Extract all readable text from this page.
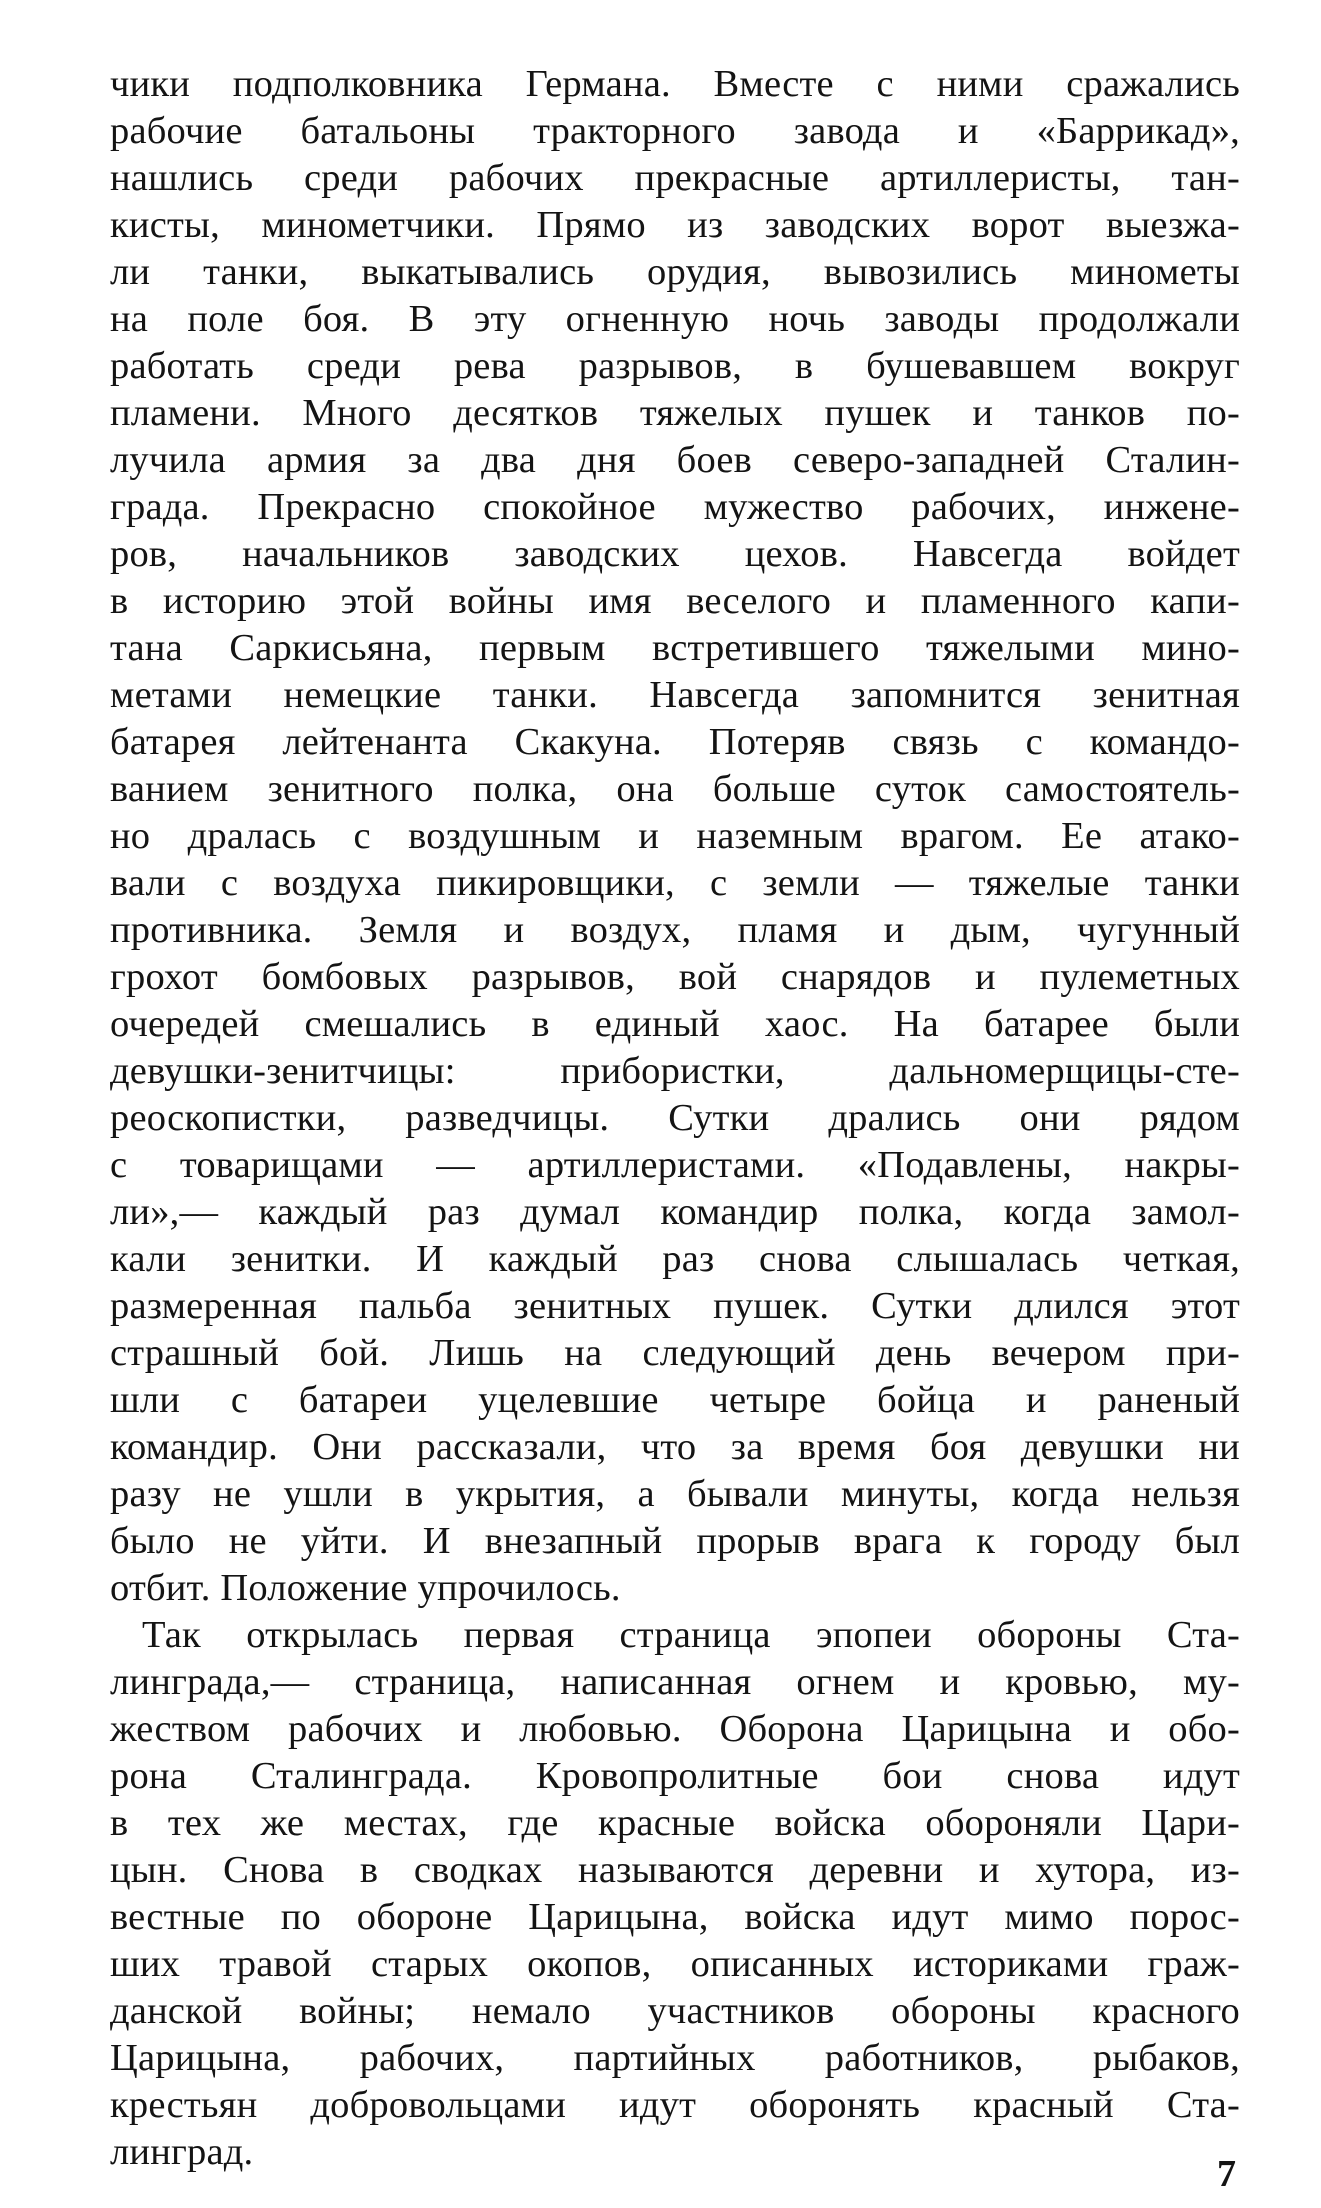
чики подполковника Германа. Вместе с ними сражались
рабочие батальоны тракторного завода и «Баррикад»,
нашлись среди рабочих прекрасные артиллеристы, тан-
кисты, минометчики. Прямо из заводских ворот выезжа-
ли танки, выкатывались орудия, вывозились минометы
на поле боя. В эту огненную ночь заводы продолжали
работать среди рева разрывов, в бушевавшем вокруг
пламени. Много десятков тяжелых пушек и танков по-
лучила армия за два дня боев северо-западней Сталин-
града. Прекрасно спокойное мужество рабочих, инжене-
ров, начальников заводских цехов. Навсегда войдет
в историю этой войны имя веселого и пламенного капи-
тана Саркисьяна, первым встретившего тяжелыми мино-
метами немецкие танки. Навсегда запомнится зенитная
батарея лейтенанта Скакуна. Потеряв связь с командо-
ванием зенитного полка, она больше суток самостоятель-
но дралась с воздушным и наземным врагом. Ее атако-
вали с воздуха пикировщики, с земли — тяжелые танки
противника. Земля и воздух, пламя и дым, чугунный
грохот бомбовых разрывов, вой снарядов и пулеметных
очередей смешались в единый хаос. На батарее были
девушки-зенитчицы: прибористки, дальномерщицы-сте-
реоскопистки, разведчицы. Сутки дрались они рядом
с товарищами — артиллеристами. «Подавлены, накры-
ли»,— каждый раз думал командир полка, когда замол-
кали зенитки. И каждый раз снова слышалась четкая,
размеренная пальба зенитных пушек. Сутки длился этот
страшный бой. Лишь на следующий день вечером при-
шли с батареи уцелевшие четыре бойца и раненый
командир. Они рассказали, что за время боя девушки ни
разу не ушли в укрытия, а бывали минуты, когда нельзя
было не уйти. И внезапный прорыв врага к городу был
отбит. Положение упрочилось.
Так открылась первая страница эпопеи обороны Ста-
линграда,— страница, написанная огнем и кровью, му-
жеством рабочих и любовью. Оборона Царицына и обо-
рона Сталинграда. Кровопролитные бои снова идут
в тех же местах, где красные войска обороняли Цари-
цын. Снова в сводках называются деревни и хутора, из-
вестные по обороне Царицына, войска идут мимо порос-
ших травой старых окопов, описанных историками граж-
данской войны; немало участников обороны красного
Царицына, рабочих, партийных работников, рыбаков,
крестьян добровольцами идут оборонять красный Ста-
линград.
7
